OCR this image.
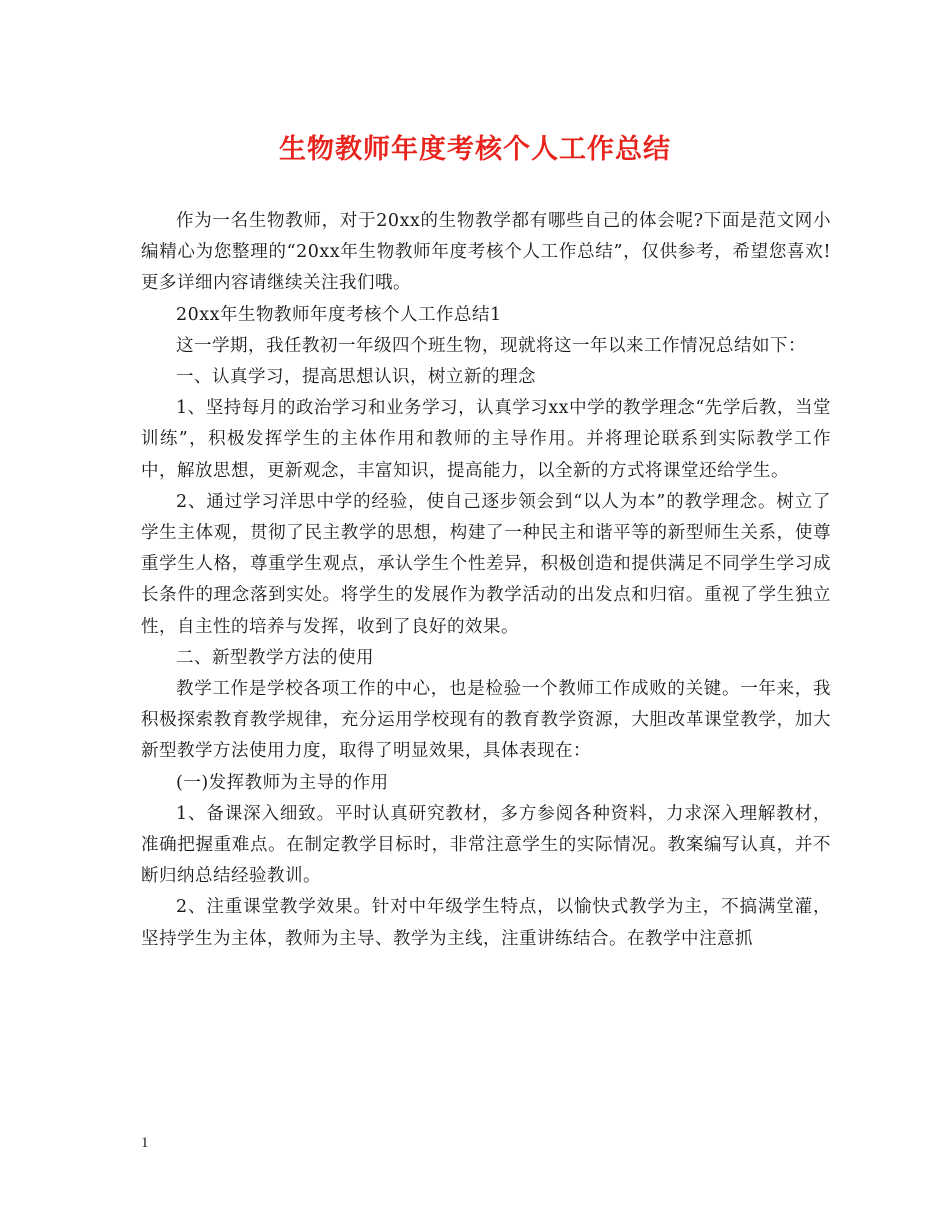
生物教师年度考核个人工作总结

作为一名生物教师，对于20xx的生物教学都有哪些自己的体会呢?下面是范文网小编精心为您整理的“20xx年生物教师年度考核个人工作总结”，仅供参考，希望您喜欢!更多详细内容请继续关注我们哦。

20xx年生物教师年度考核个人工作总结1

这一学期，我任教初一年级四个班生物，现就将这一年以来工作情况总结如下：

一、认真学习，提高思想认识，树立新的理念

1、坚持每月的政治学习和业务学习，认真学习xx中学的教学理念“先学后教，当堂训练”，积极发挥学生的主体作用和教师的主导作用。并将理论联系到实际教学工作中，解放思想，更新观念，丰富知识，提高能力，以全新的方式将课堂还给学生。

2、通过学习洋思中学的经验，使自己逐步领会到“以人为本”的教学理念。树立了学生主体观，贯彻了民主教学的思想，构建了一种民主和谐平等的新型师生关系，使尊重学生人格，尊重学生观点，承认学生个性差异，积极创造和提供满足不同学生学习成长条件的理念落到实处。将学生的发展作为教学活动的出发点和归宿。重视了学生独立性，自主性的培养与发挥，收到了良好的效果。

二、新型教学方法的使用

教学工作是学校各项工作的中心，也是检验一个教师工作成败的关键。一年来，我积极探索教育教学规律，充分运用学校现有的教育教学资源，大胆改革课堂教学，加大新型教学方法使用力度，取得了明显效果，具体表现在：

(一)发挥教师为主导的作用

1、备课深入细致。平时认真研究教材，多方参阅各种资料，力求深入理解教材，准确把握重难点。在制定教学目标时，非常注意学生的实际情况。教案编写认真，并不断归纳总结经验教训。

2、注重课堂教学效果。针对中年级学生特点，以愉快式教学为主，不搞满堂灌，坚持学生为主体，教师为主导、教学为主线，注重讲练结合。在教学中注意抓

1
